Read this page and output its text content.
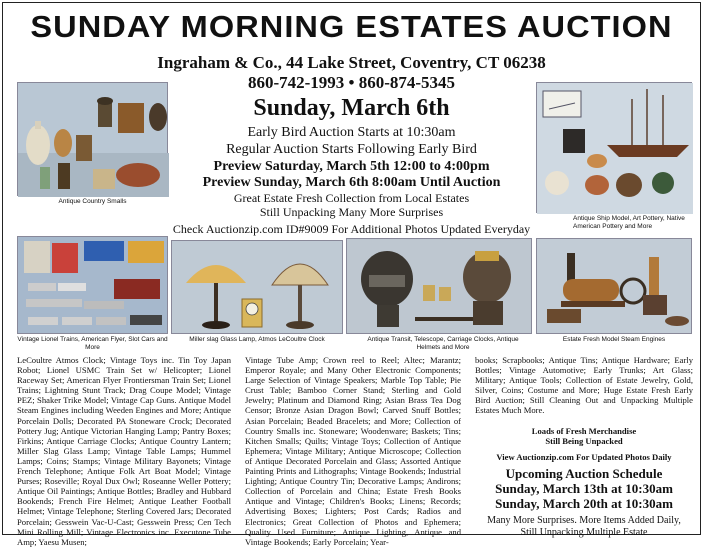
SUNDAY MORNING ESTATES AUCTION
Ingraham & Co., 44 Lake Street, Coventry, CT 06238
860-742-1993 • 860-874-5345
Sunday, March 6th
Early Bird Auction Starts at 10:30am
Regular Auction Starts Following Early Bird
Preview Saturday, March 5th 12:00 to 4:00pm
Preview Sunday, March 6th 8:00am Until Auction
Great Estate Fresh Collection from Local Estates
Still Unpacking Many More Surprises
Check Auctionzip.com ID#9009 For Additional Photos Updated Everyday
Antique Country Smalls
Antique Ship Model, Art Pottery, Native American Pottery and More
Vintage Lionel Trains, American Flyer, Slot Cars and More
Miller slag Glass Lamp, Atmos LeCoultre Clock	Antique Transit, Telescope, Carriage Clocks, Antique Helmets and More
Estate Fresh Model Steam Engines
LeCoultre Atmos Clock; Vintage Toys inc. Tin Toy Japan Robot; Lionel USMC Train Set w/ Helicopter; Lionel Raceway Set; American Flyer Frontiersman Train Set; Lionel Trains; Lightning Stunt Track; Drag Coupe Model; Vintage PEZ; Shaker Trike Model; Vintage Cap Guns. Antique Model Steam Engines including Weeden Engines and More; Antique Porcelain Dolls; Decorated PA Stoneware Crock; Decorated Pottery Jug; Antique Victorian Hanging Lamp; Pantry Boxes; Firkins; Antique Carriage Clocks; Antique Country Lantern; Miller Slag Glass Lamp; Vintage Table Lamps; Hummel Lamps; Coins; Stamps; Vintage Military Bayonets; Vintage French Telephone; Antique Folk Art Boat Model; Vintage Purses; Roseville; Royal Dux Owl; Roseanne Weller Pottery; Antique Oil Paintings; Antique Bottles; Bradley and Hubbard Bookends; French Fire Helmet; Antique Leather Football Helmet; Vintage Telephone; Sterling Covered Jars; Decorated Porcelain; Gesswein Vac-U-Cast; Gesswein Press; Cen Tech Mini Rolling Mill; Vintage Electronics inc. Executone Tube Amp; Yaesu Musen;
Vintage Tube Amp; Crown reel to Reel; Altec; Marantz; Emperor Royale; and Many Other Electronic Components; Large Selection of Vintage Speakers; Marble Top Table; Pie Crust Table; Bamboo Corner Stand; Sterling and Gold Jewelry; Platinum and Diamond Ring; Asian Brass Tea Dog Censor; Bronze Asian Dragon Bowl; Carved Snuff Bottles; Asian Porcelain; Beaded Bracelets; and More; Collection of Country Smalls inc. Stoneware; Woodenware; Baskets; Tins; Kitchen Smalls; Quilts; Vintage Toys; Collection of Antique Ephemera; Vintage Military; Antique Microscope; Collection of Antique Decorated Porcelain and Glass; Assorted Antique Painting Prints and Lithographs; Vintage Bookends; Industrial Lighting; Antique Country Tin; Decorative Lamps; Andirons; Collection of Porcelain and China; Estate Fresh Books Antique and Vintage; Children's Books; Linens; Records; Advertising Boxes; Lighters; Post Cards; Radios and Electronics; Great Collection of Photos and Ephemera; Quality Used Furniture; Antique Lighting, Antique and Vintage Bookends; Early Porcelain; Year-
books; Scrapbooks; Antique Tins; Antique Hardware; Early Bottles; Vintage Automotive; Early Trunks; Art Glass; Military; Antique Tools; Collection of Estate Jewelry, Gold, Silver, Coins; Costume and More; Huge Estate Fresh Early Bird Auction; Still Cleaning Out and Unpacking Multiple Estates Much More.
Loads of Fresh Merchandise
Still Being Unpacked
View Auctionzip.com For Updated Photos Daily
Upcoming Auction Schedule
Sunday, March 13th at 10:30am
Sunday, March 20th at 10:30am
Many More Surprises. More Items Added Daily,
Still Unpacking Multiple Estate
